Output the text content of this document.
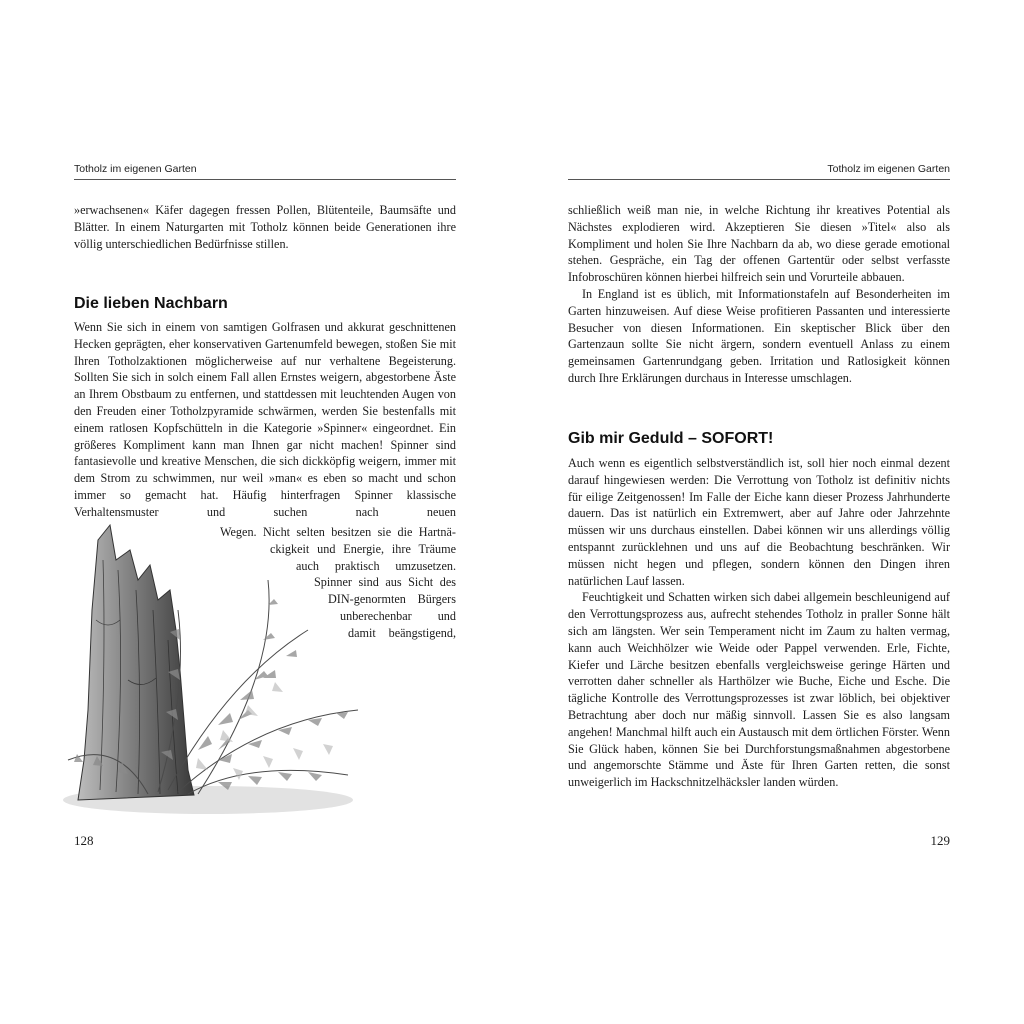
Totholz im eigenen Garten

»erwachsenen« Käfer dagegen fressen Pollen, Blütenteile, Baumsäfte und Blätter. In einem Naturgarten mit Totholz können beide Generationen ihre völlig unterschiedlichen Bedürfnisse stillen.

Die lieben Nachbarn

Wenn Sie sich in einem von samtigen Golfrasen und akkurat geschnittenen Hecken geprägten, eher konservativen Gartenumfeld bewegen, stoßen Sie mit Ihren Totholzaktionen möglicherweise auf nur verhaltene Begeisterung. Sollten Sie sich in solch einem Fall allen Ernstes weigern, abgestorbene Äste an Ihrem Obstbaum zu entfernen, und stattdessen mit leuchtenden Augen von den Freuden einer Totholzpyramide schwärmen, werden Sie bestenfalls mit einem ratlosen Kopfschütteln in die Kategorie »Spinner« eingeordnet. Ein größeres Kompliment kann man Ihnen gar nicht machen! Spinner sind fantasievolle und kreative Menschen, die sich dickköpfig weigern, immer mit dem Strom zu schwimmen, nur weil »man« es eben so macht und schon immer so gemacht hat. Häufig hinterfragen Spinner klassische Verhaltensmuster und suchen nach neuen

Wegen. Nicht selten besitzen sie die Hartnä-
ckigkeit und Energie, ihre Träume
auch praktisch umzusetzen.
Spinner sind aus Sicht des
DIN-genormten Bürgers
unberechenbar und
damit beängstigend,
128
Totholz im eigenen Garten

schließlich weiß man nie, in welche Richtung ihr kreatives Potential als Nächstes explodieren wird. Akzeptieren Sie diesen »Titel« also als Kompliment und holen Sie Ihre Nachbarn da ab, wo diese gerade emotional stehen. Gespräche, ein Tag der offenen Gartentür oder selbst verfasste Infobroschüren können hierbei hilfreich sein und Vorurteile abbauen.

In England ist es üblich, mit Informationstafeln auf Besonderheiten im Garten hinzuweisen. Auf diese Weise profitieren Passanten und interessierte Besucher von diesen Informationen. Ein skeptischer Blick über den Gartenzaun sollte Sie nicht ärgern, sondern eventuell Anlass zu einem gemeinsamen Gartenrundgang geben. Irritation und Ratlosigkeit können durch Ihre Erklärungen durchaus in Interesse umschlagen.

Gib mir Geduld – SOFORT!

Auch wenn es eigentlich selbstverständlich ist, soll hier noch einmal dezent darauf hingewiesen werden: Die Verrottung von Totholz ist definitiv nichts für eilige Zeitgenossen! Im Falle der Eiche kann dieser Prozess Jahrhunderte dauern. Das ist natürlich ein Extremwert, aber auf Jahre oder Jahrzehnte müssen wir uns durchaus einstellen. Dabei können wir uns allerdings völlig entspannt zurücklehnen und uns auf die Beobachtung beschränken. Wir müssen nicht hegen und pflegen, sondern können den Dingen ihren natürlichen Lauf lassen.

Feuchtigkeit und Schatten wirken sich dabei allgemein beschleunigend auf den Verrottungsprozess aus, aufrecht stehendes Totholz in praller Sonne hält sich am längsten. Wer sein Temperament nicht im Zaum zu halten vermag, kann auch Weichhölzer wie Weide oder Pappel verwenden. Erle, Fichte, Kiefer und Lärche besitzen ebenfalls vergleichsweise geringe Härten und verrotten daher schneller als Harthölzer wie Buche, Eiche und Esche. Die tägliche Kontrolle des Verrottungsprozesses ist zwar löblich, bei objektiver Betrachtung aber doch nur mäßig sinnvoll. Lassen Sie es also langsam angehen! Manchmal hilft auch ein Austausch mit dem örtlichen Förster. Wenn Sie Glück haben, können Sie bei Durchforstungsmaßnahmen abgestorbene und angemorschte Stämme und Äste für Ihren Garten retten, die sonst unweigerlich im Hackschnitzelhäcksler landen würden.

129
